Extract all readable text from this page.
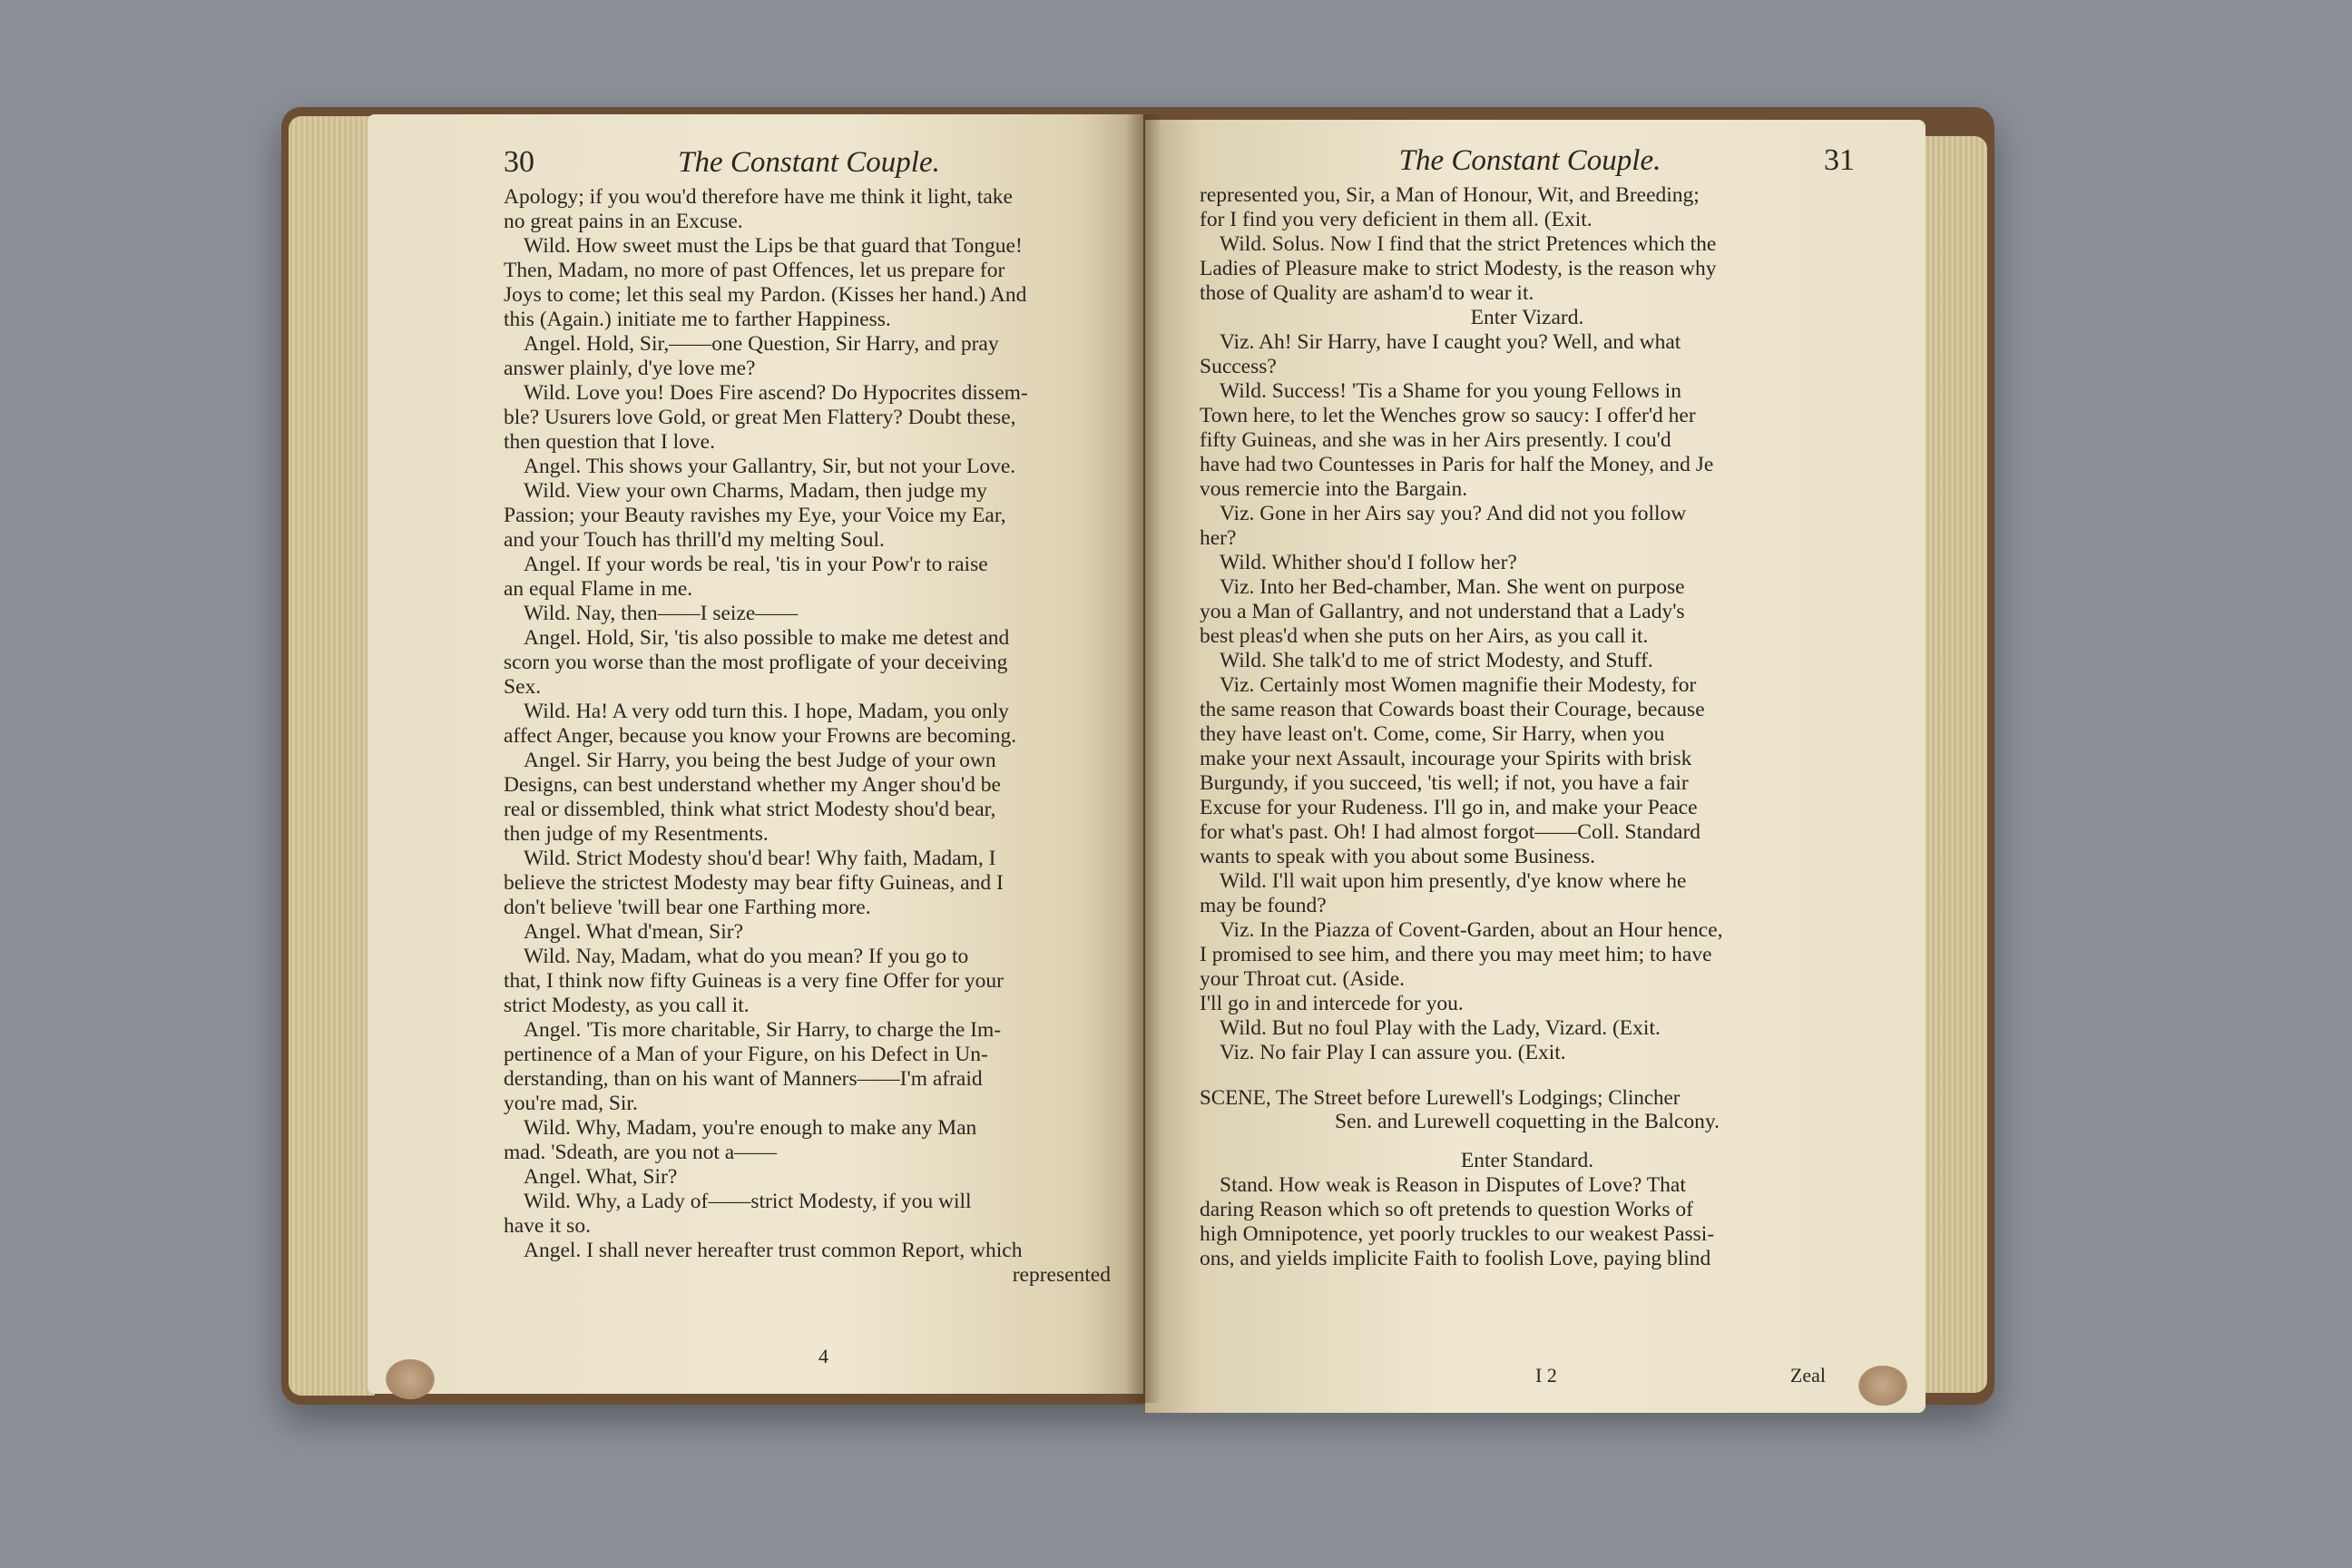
30	The Constant Couple.
Apology; if you wou'd therefore have me think it light, take
no great pains in an Excuse.
Wild. How sweet must the Lips be that guard that Tongue!
Then, Madam, no more of past Offences, let us prepare for
Joys to come; let this seal my Pardon. (Kisses her hand.) And
this (Again.) initiate me to farther Happiness.
Angel. Hold, Sir,——one Question, Sir Harry, and pray
answer plainly, d'ye love me?
Wild. Love you! Does Fire ascend? Do Hypocrites dissem-
ble? Usurers love Gold, or great Men Flattery? Doubt these,
then question that I love.
Angel. This shows your Gallantry, Sir, but not your Love.
Wild. View your own Charms, Madam, then judge my
Passion; your Beauty ravishes my Eye, your Voice my Ear,
and your Touch has thrill'd my melting Soul.
Angel. If your words be real, 'tis in your Pow'r to raise
an equal Flame in me.
Wild. Nay, then——I seize——
Angel. Hold, Sir, 'tis also possible to make me detest and
scorn you worse than the most profligate of your deceiving
Sex.
Wild. Ha! A very odd turn this. I hope, Madam, you only
affect Anger, because you know your Frowns are becoming.
Angel. Sir Harry, you being the best Judge of your own
Designs, can best understand whether my Anger shou'd be
real or dissembled, think what strict Modesty shou'd bear,
then judge of my Resentments.
Wild. Strict Modesty shou'd bear! Why faith, Madam, I
believe the strictest Modesty may bear fifty Guineas, and I
don't believe 'twill bear one Farthing more.
Angel. What d'mean, Sir?
Wild. Nay, Madam, what do you mean? If you go to
that, I think now fifty Guineas is a very fine Offer for your
strict Modesty, as you call it.
Angel. 'Tis more charitable, Sir Harry, to charge the Im-
pertinence of a Man of your Figure, on his Defect in Un-
derstanding, than on his want of Manners——I'm afraid
you're mad, Sir.
Wild. Why, Madam, you're enough to make any Man
mad. 'Sdeath, are you not a——
Angel. What, Sir?
Wild. Why, a Lady of——strict Modesty, if you will
have it so.
Angel. I shall never hereafter trust common Report, which
represented
4
The Constant Couple.	31
represented you, Sir, a Man of Honour, Wit, and Breeding;
for I find you very deficient in them all. (Exit.
Wild. Solus. Now I find that the strict Pretences which the
Ladies of Pleasure make to strict Modesty, is the reason why
those of Quality are asham'd to wear it.
Enter Vizard.
Viz. Ah! Sir Harry, have I caught you? Well, and what
Success?
Wild. Success! 'Tis a Shame for you young Fellows in
Town here, to let the Wenches grow so saucy: I offer'd her
fifty Guineas, and she was in her Airs presently. I cou'd
have had two Countesses in Paris for half the Money, and Je
vous remercie into the Bargain.
Viz. Gone in her Airs say you? And did not you follow
her?
Wild. Whither shou'd I follow her?
Viz. Into her Bed-chamber, Man. She went on purpose
you a Man of Gallantry, and not understand that a Lady's
best pleas'd when she puts on her Airs, as you call it.
Wild. She talk'd to me of strict Modesty, and Stuff.
Viz. Certainly most Women magnifie their Modesty, for
the same reason that Cowards boast their Courage, because
they have least on't. Come, come, Sir Harry, when you
make your next Assault, incourage your Spirits with brisk
Burgundy, if you succeed, 'tis well; if not, you have a fair
Excuse for your Rudeness. I'll go in, and make your Peace
for what's past. Oh! I had almost forgot——Coll. Standard
wants to speak with you about some Business.
Wild. I'll wait upon him presently, d'ye know where he
may be found?
Viz. In the Piazza of Covent-Garden, about an Hour hence,
I promised to see him, and there you may meet him; to have
your Throat cut. (Aside.
I'll go in and intercede for you.
Wild. But no foul Play with the Lady, Vizard. (Exit.
Viz. No fair Play I can assure you. (Exit.
SCENE, The Street before Lurewell's Lodgings; Clincher
Sen. and Lurewell coquetting in the Balcony.
Enter Standard.
Stand. How weak is Reason in Disputes of Love? That
daring Reason which so oft pretends to question Works of
high Omnipotence, yet poorly truckles to our weakest Passi-
ons, and yields implicite Faith to foolish Love, paying blind
I 2	Zeal
